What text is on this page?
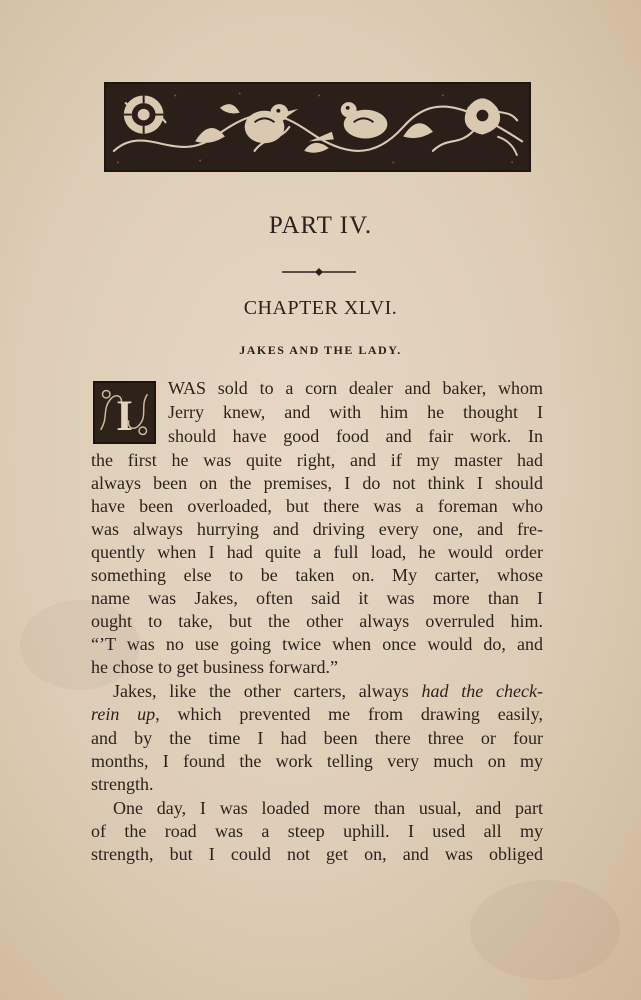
PART IV.
CHAPTER XLVI.
JAKES AND THE LADY.
I
WAS sold to a corn dealer and baker, whom
Jerry knew, and with him he thought I
should have good food and fair work. In
the first he was quite right, and if my master had
always been on the premises, I do not think I should
have been overloaded, but there was a foreman who
was always hurrying and driving every one, and fre-
quently when I had quite a full load, he would order
something else to be taken on. My carter, whose
name was Jakes, often said it was more than I
ought to take, but the other always overruled him.
“’T was no use going twice when once would do, and
he chose to get business forward.”
Jakes, like the other carters, always had the check-
rein up, which prevented me from drawing easily,
and by the time I had been there three or four
months, I found the work telling very much on my
strength.
One day, I was loaded more than usual, and part
of the road was a steep uphill. I used all my
strength, but I could not get on, and was obliged
